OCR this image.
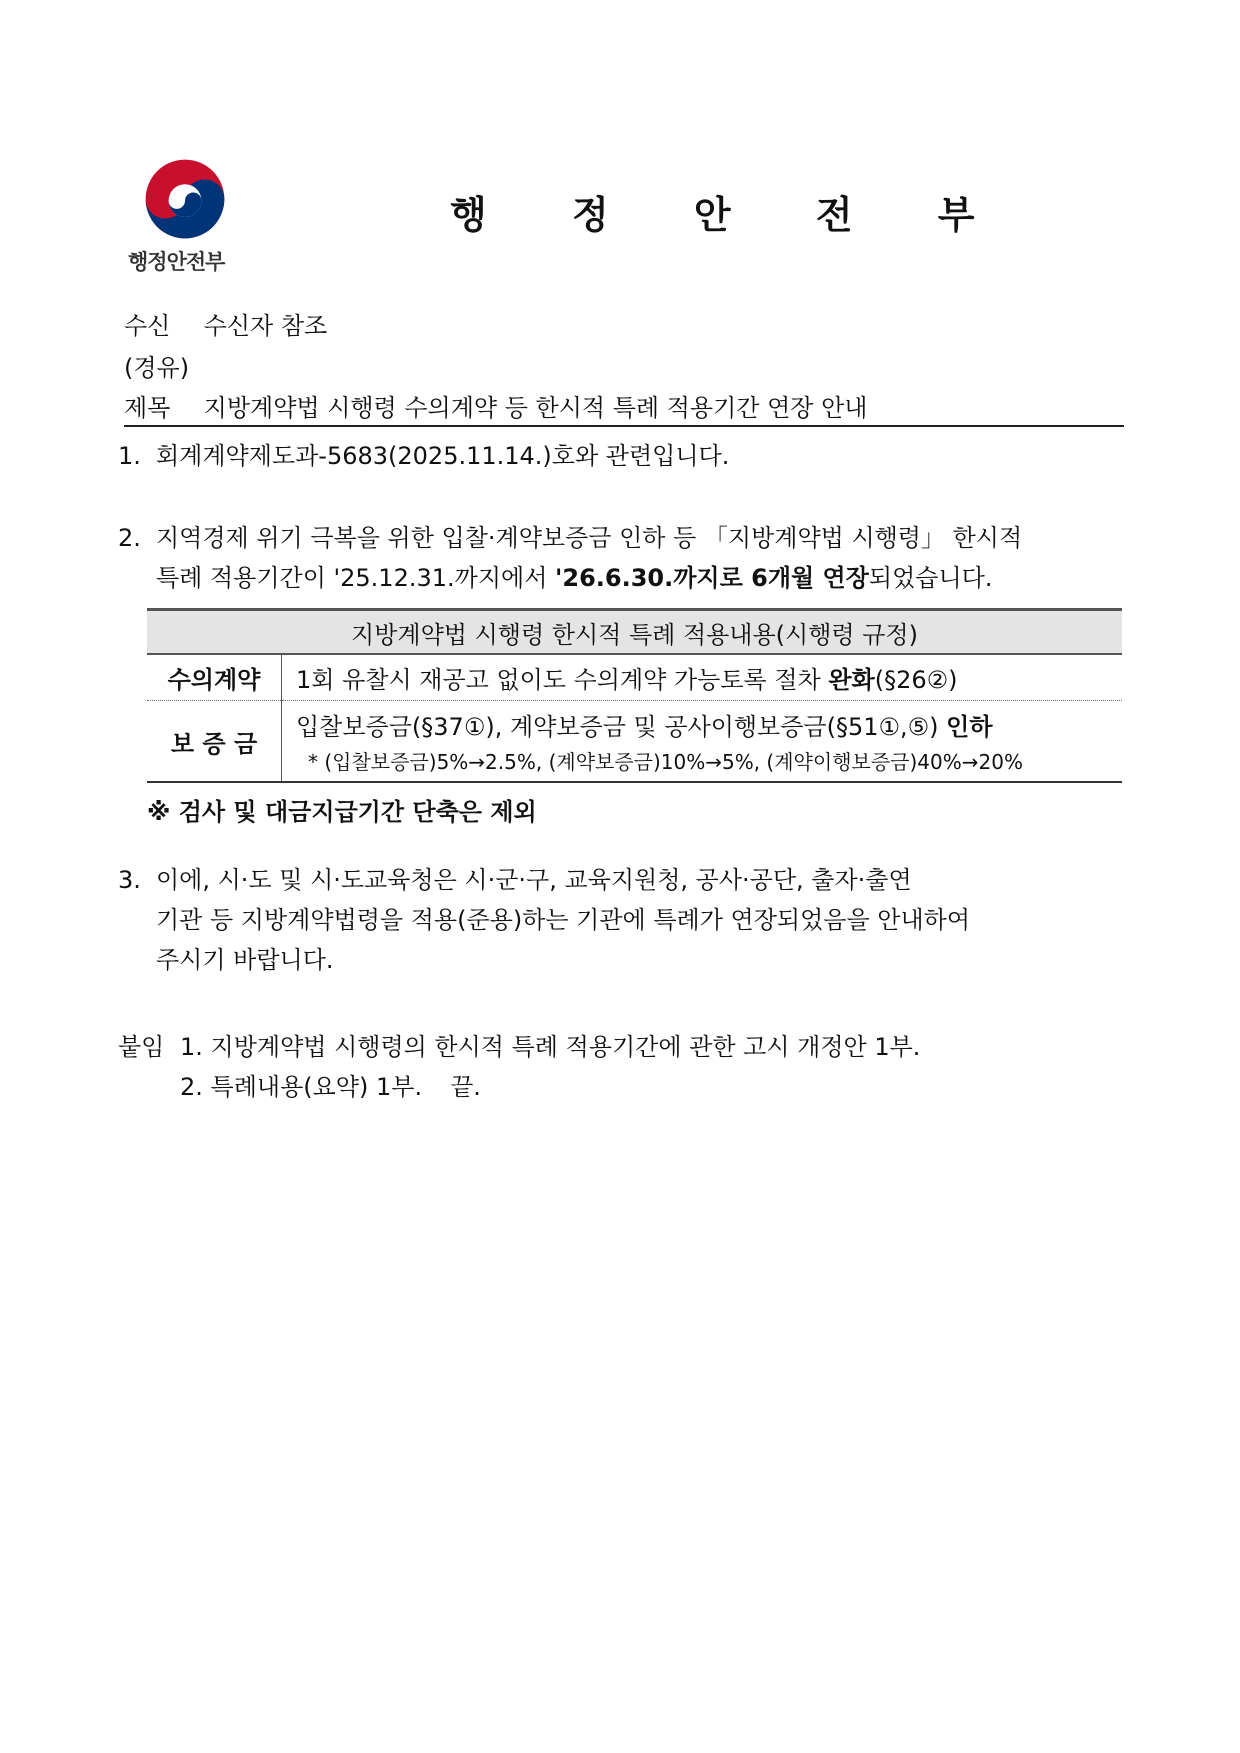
행정안전부
행 정 안 전 부
수신 수신자 참조
(경유)
제목 지방계약법 시행령 수의계약 등 한시적 특례 적용기간 연장 안내
1. 회계계약제도과-5683(2025.11.14.)호와 관련입니다.
2. 지역경제 위기 극복을 위한 입찰·계약보증금 인하 등 「지방계약법 시행령」 한시적
특례 적용기간이 '25.12.31.까지에서 '26.6.30.까지로 6개월 연장되었습니다.
지방계약법 시행령 한시적 특례 적용내용(시행령 규정)	
수의계약	1회 유찰시 재공고 없이도 수의계약 가능토록 절차 완화(§26②)
보 증 금	입찰보증금(§37①), 계약보증금 및 공사이행보증금(§51①,⑤) 인하
* (입찰보증금)5%→2.5%, (계약보증금)10%→5%, (계약이행보증금)40%→20%
※ 검사 및 대금지급기간 단축은 제외
3. 이에, 시·도 및 시·도교육청은 시·군·구, 교육지원청, 공사·공단, 출자·출연
기관 등 지방계약법령을 적용(준용)하는 기관에 특례가 연장되었음을 안내하여
주시기 바랍니다.
붙임 1. 지방계약법 시행령의 한시적 특례 적용기간에 관한 고시 개정안 1부.
2. 특례내용(요약) 1부. 끝.
